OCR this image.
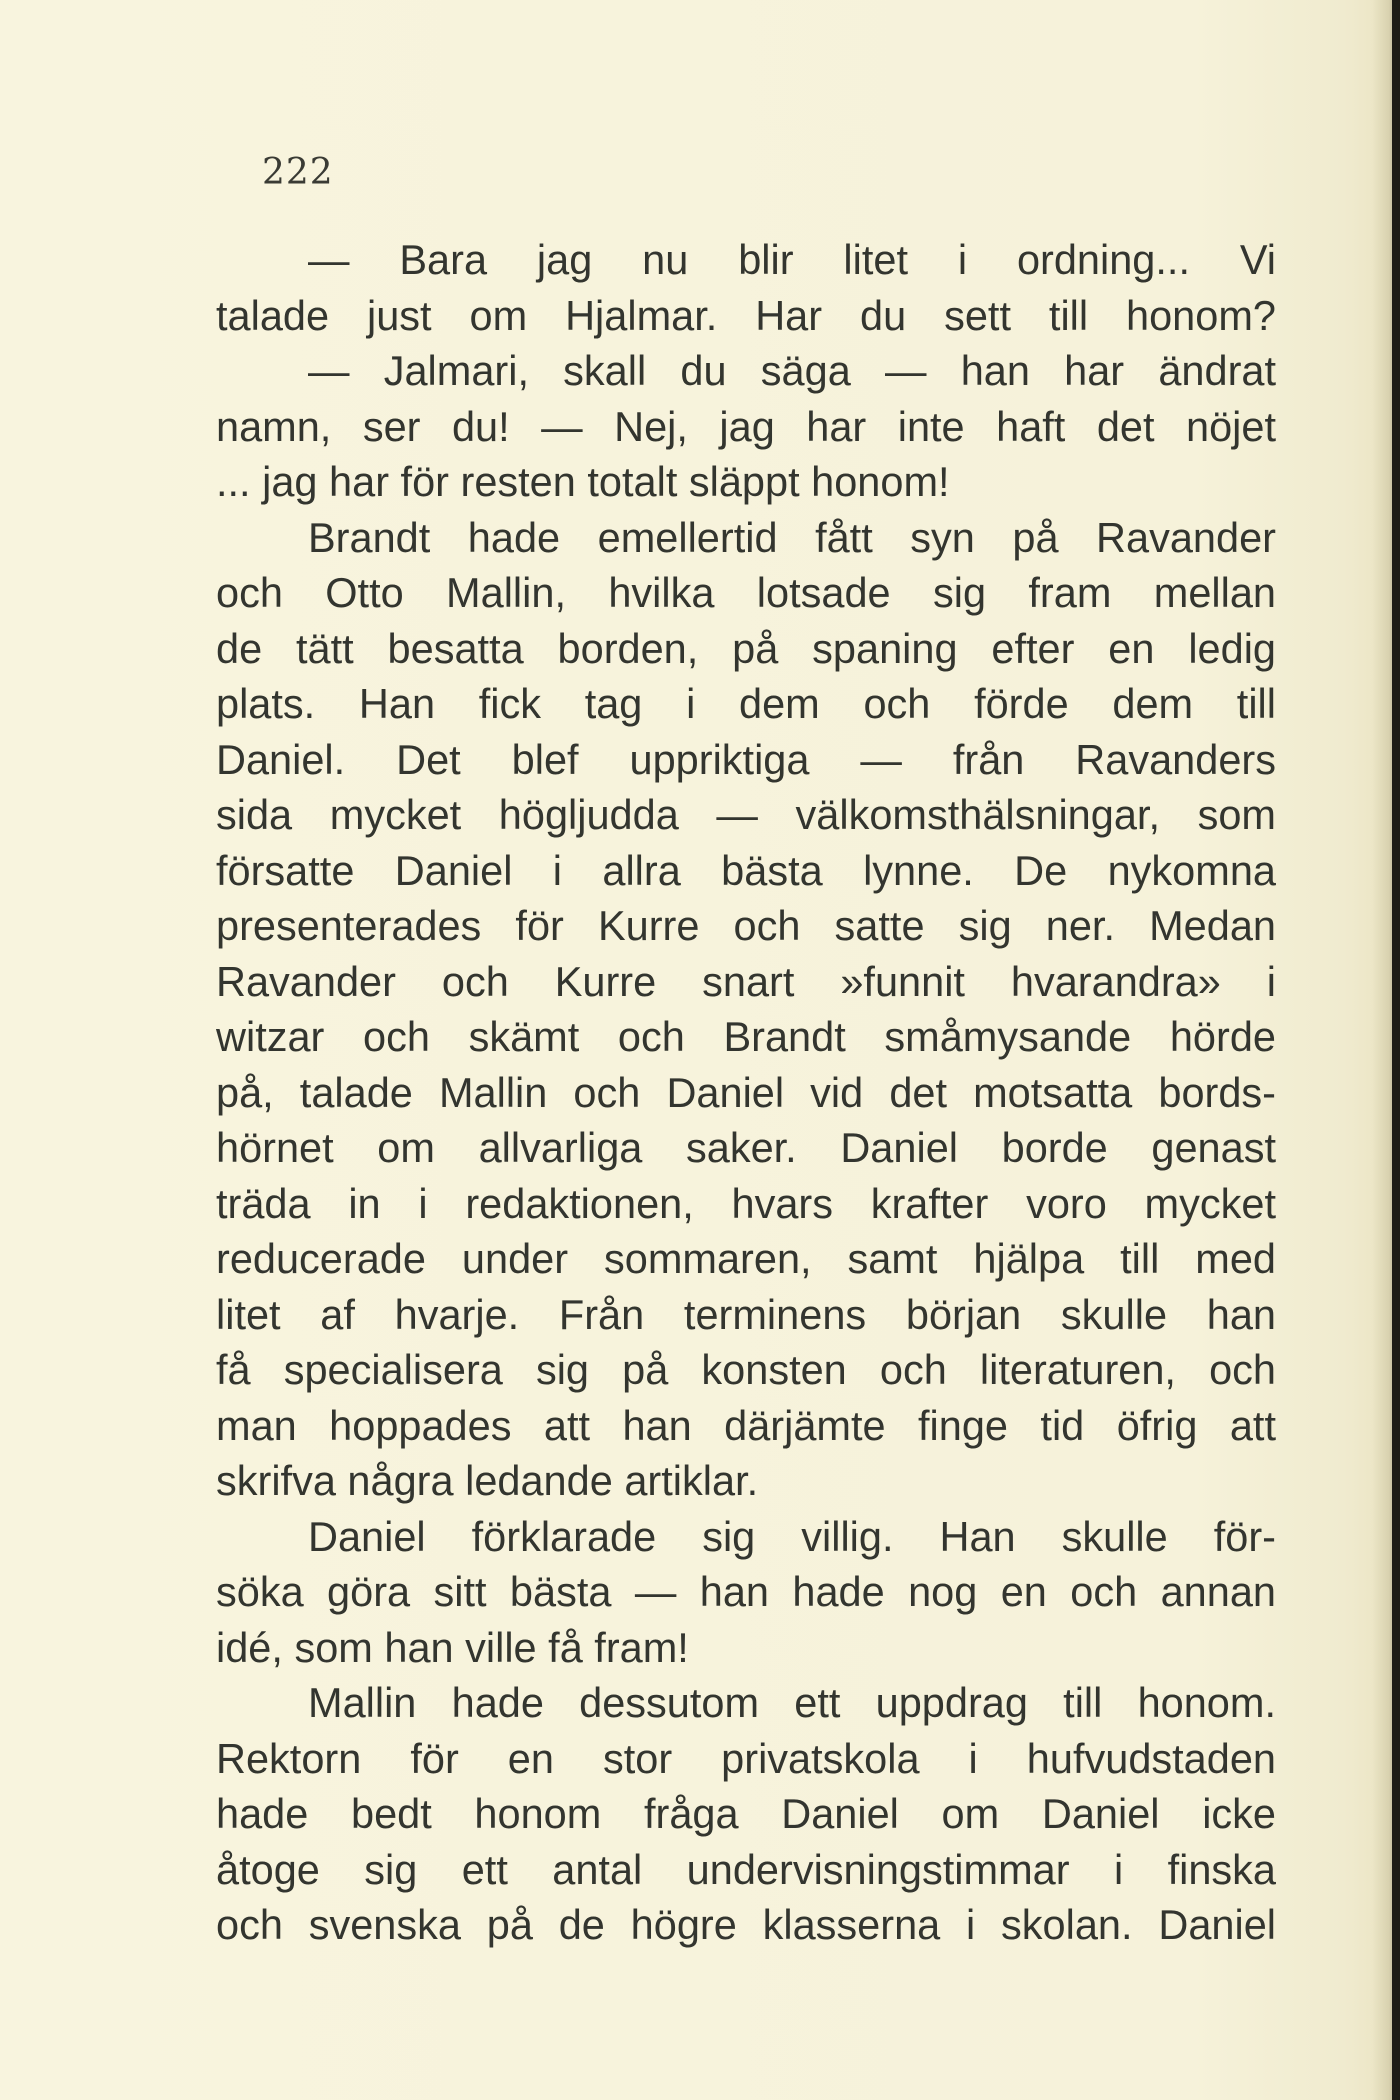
222
— Bara jag nu blir litet i ordning... Vi
talade just om Hjalmar. Har du sett till honom?
— Jalmari, skall du säga — han har ändrat
namn, ser du! — Nej, jag har inte haft det nöjet
... jag har för resten totalt släppt honom!
Brandt hade emellertid fått syn på Ravander
och Otto Mallin, hvilka lotsade sig fram mellan
de tätt besatta borden, på spaning efter en ledig
plats. Han fick tag i dem och förde dem till
Daniel. Det blef uppriktiga — från Ravanders
sida mycket högljudda — välkomsthälsningar, som
försatte Daniel i allra bästa lynne. De nykomna
presenterades för Kurre och satte sig ner. Medan
Ravander och Kurre snart »funnit hvarandra» i
witzar och skämt och Brandt småmysande hörde
på, talade Mallin och Daniel vid det motsatta bords-
hörnet om allvarliga saker. Daniel borde genast
träda in i redaktionen, hvars krafter voro mycket
reducerade under sommaren, samt hjälpa till med
litet af hvarje. Från terminens början skulle han
få specialisera sig på konsten och literaturen, och
man hoppades att han därjämte finge tid öfrig att
skrifva några ledande artiklar.
Daniel förklarade sig villig. Han skulle för-
söka göra sitt bästa — han hade nog en och annan
idé, som han ville få fram!
Mallin hade dessutom ett uppdrag till honom.
Rektorn för en stor privatskola i hufvudstaden
hade bedt honom fråga Daniel om Daniel icke
åtoge sig ett antal undervisningstimmar i finska
och svenska på de högre klasserna i skolan. Daniel
